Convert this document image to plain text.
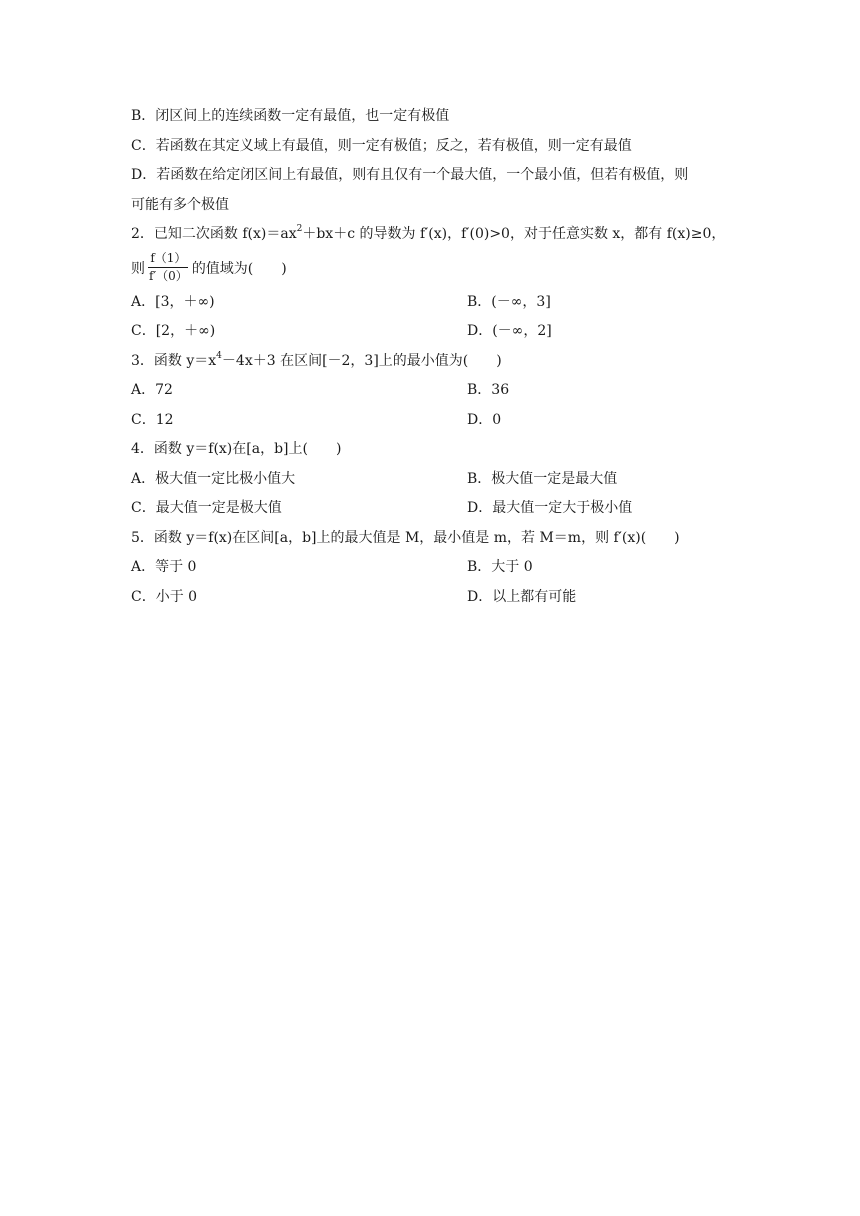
B．闭区间上的连续函数一定有最值，也一定有极值
C．若函数在其定义域上有最值，则一定有极值；反之，若有极值，则一定有最值
D．若函数在给定闭区间上有最值，则有且仅有一个最大值，一个最小值，但若有极值，则
可能有多个极值
2．已知二次函数 $f(x)=ax^2+bx+c$ 的导数为 f′(x)，f′(0)>0，对于任意实数 x，都有 f(x)≥0，
则 $\frac{f(1)}{f'(0)}$ 的值域为(　　)
A．[3，＋∞)	B．(－∞，3]
C．[2，＋∞)	D．(－∞，2]
3．函数 $y=x^4-4x+3$ 在区间[－2，3]上的最小值为(　　)
A．72	B．36
C．12	D．0
4．函数 y＝f(x)在[a，b]上(　　)
A．极大值一定比极小值大	B．极大值一定是最大值
C．最大值一定是极大值	D．最大值一定大于极小值
5．函数 y＝f(x)在区间[a，b]上的最大值是 M，最小值是 m，若 M＝m，则 f′(x)(　　)
A．等于 0	B．大于 0
C．小于 0	D．以上都有可能
